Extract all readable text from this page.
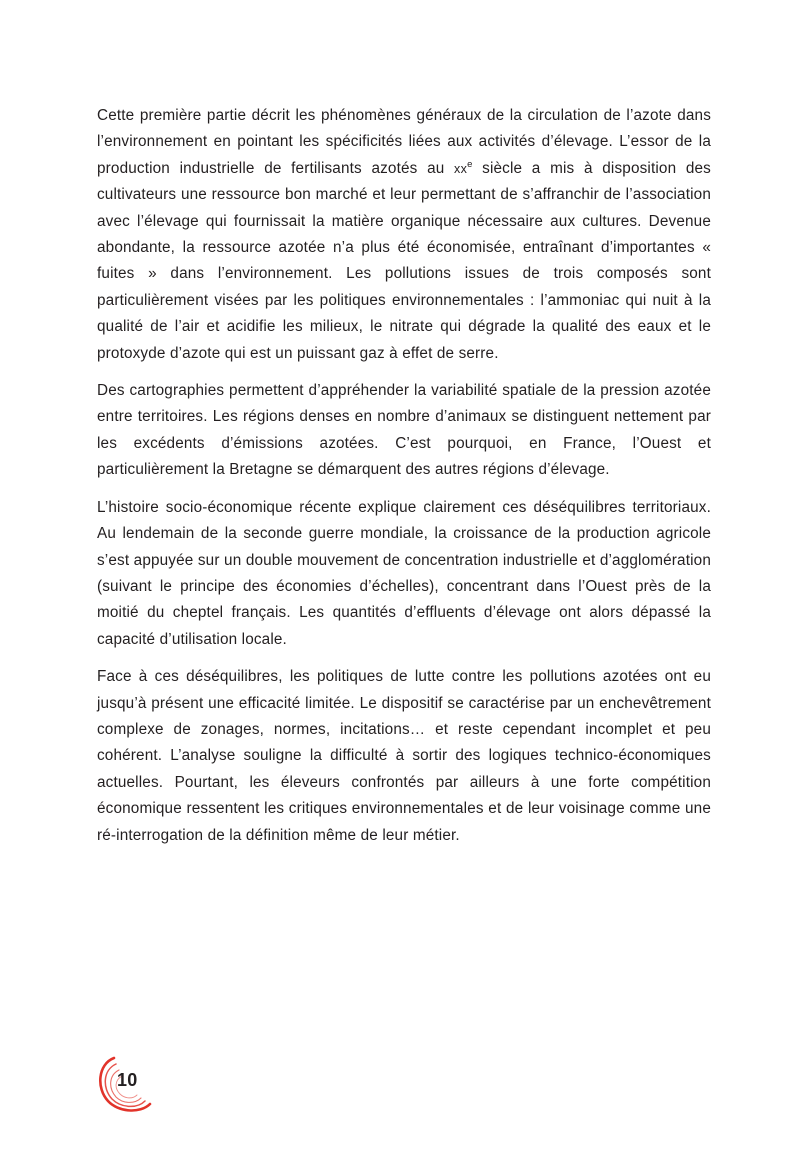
Cette première partie décrit les phénomènes généraux de la circulation de l’azote dans l’environnement en pointant les spécificités liées aux activités d’élevage. L’essor de la production industrielle de fertilisants azotés au $xx^e$ siècle a mis à disposition des cultivateurs une ressource bon marché et leur permettant de s’affranchir de l’association avec l’élevage qui fournissait la matière organique nécessaire aux cultures. Devenue abondante, la ressource azotée n’a plus été économisée, entraînant d’importantes « fuites » dans l’environnement. Les pollutions issues de trois composés sont particulièrement visées par les politiques environnementales : l’ammoniac qui nuit à la qualité de l’air et acidifie les milieux, le nitrate qui dégrade la qualité des eaux et le protoxyde d’azote qui est un puissant gaz à effet de serre.

Des cartographies permettent d’appréhender la variabilité spatiale de la pression azotée entre territoires. Les régions denses en nombre d’animaux se distinguent nettement par les excédents d’émissions azotées. C’est pourquoi, en France, l’Ouest et particulièrement la Bretagne se démarquent des autres régions d’élevage.

L’histoire socio-économique récente explique clairement ces déséquilibres territoriaux. Au lendemain de la seconde guerre mondiale, la croissance de la production agricole s’est appuyée sur un double mouvement de concentration industrielle et d’agglomération (suivant le principe des économies d’échelles), concentrant dans l’Ouest près de la moitié du cheptel français. Les quantités d’effluents d’élevage ont alors dépassé la capacité d’utilisation locale.

Face à ces déséquilibres, les politiques de lutte contre les pollutions azotées ont eu jusqu’à présent une efficacité limitée. Le dispositif se caractérise par un enchevêtrement complexe de zonages, normes, incitations… et reste cependant incomplet et peu cohérent. L’analyse souligne la difficulté à sortir des logiques technico-économiques actuelles. Pourtant, les éleveurs confrontés par ailleurs à une forte compétition économique ressentent les critiques environnementales et de leur voisinage comme une ré-interrogation de la définition même de leur métier.

10
